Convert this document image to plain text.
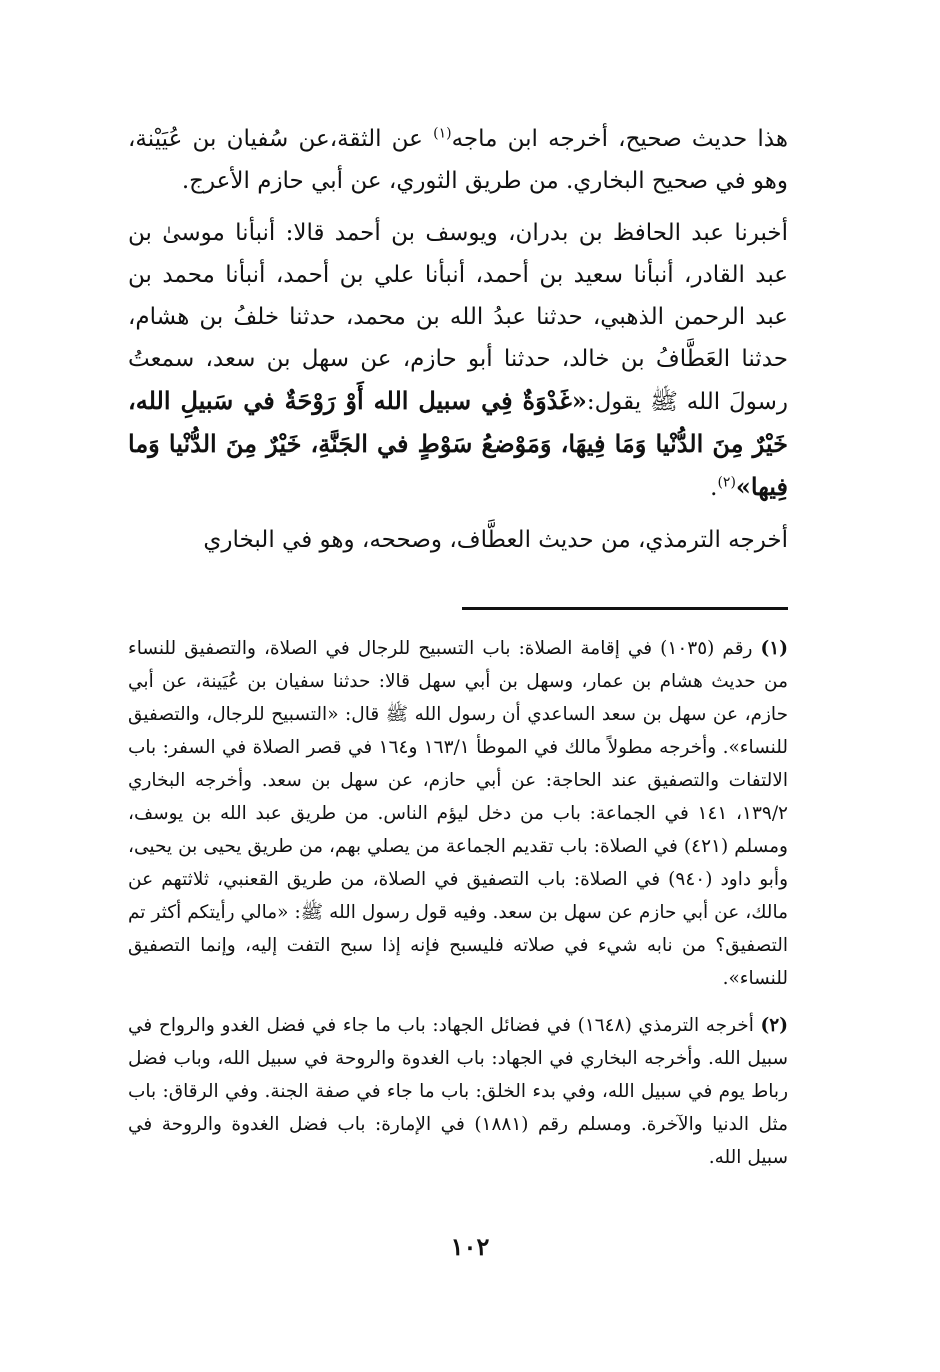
هذا حديث صحيح، أخرجه ابن ماجه$^{(١)}$ عن الثقة،عن سُفيان بن عُيَيْنة، وهو في صحيح البخاري. من طريق الثوري، عن أبي حازم الأعرج.

أخبرنا عبد الحافظ بن بدران، ويوسف بن أحمد قالا: أنبأنا موسىٰ بن عبد القادر، أنبأنا سعيد بن أحمد، أنبأنا علي بن أحمد، أنبأنا محمد بن عبد الرحمن الذهبي، حدثنا عبدُ الله بن محمد، حدثنا خلفُ بن هشام، حدثنا العَطَّافُ بن خالد، حدثنا أبو حازم، عن سهل بن سعد، سمعتُ رسولَ الله ﷺ يقول:«غَدْوَةٌ فِي سبيل الله أَوْ رَوْحَةٌ في سَبيلِ الله، خَيْرٌ مِنَ الدُّنْيا وَمَا فِيهَا، وَمَوْضعُ سَوْطٍ في الجَنَّةِ، خَيْرٌ مِنَ الدُّنْيا وَما فِيها»$^{(٢)}$.

أخرجه الترمذي، من حديث العطَّاف، وصححه، وهو في البخاري

(١) رقم (١٠٣٥) في إقامة الصلاة: باب التسبيح للرجال في الصلاة، والتصفيق للنساء من حديث هشام بن عمار، وسهل بن أبي سهل قالا: حدثنا سفيان بن عُيَينة، عن أبي حازم، عن سهل بن سعد الساعدي أن رسول الله ﷺ قال: «التسبيح للرجال، والتصفيق للنساء». وأخرجه مطولاً مالك في الموطأ ١٦٣/١ و١٦٤ في قصر الصلاة في السفر: باب الالتفات والتصفيق عند الحاجة: عن أبي حازم، عن سهل بن سعد. وأخرجه البخاري ١٣٩/٢، ١٤١ في الجماعة: باب من دخل ليؤم الناس. من طريق عبد الله بن يوسف، ومسلم (٤٢١) في الصلاة: باب تقديم الجماعة من يصلي بهم، من طريق يحيى بن يحيى، وأبو داود (٩٤٠) في الصلاة: باب التصفيق في الصلاة، من طريق القعنبي، ثلاثتهم عن مالك، عن أبي حازم عن سهل بن سعد. وفيه قول رسول الله ﷺ: «مالي رأيتكم أكثر تم التصفيق؟ من نابه شيء في صلاته فليسبح فإنه إذا سبح التفت إليه، وإنما التصفيق للنساء».

(٢) أخرجه الترمذي (١٦٤٨) في فضائل الجهاد: باب ما جاء في فضل الغدو والرواح في سبيل الله. وأخرجه البخاري في الجهاد: باب الغدوة والروحة في سبيل الله، وباب فضل رباط يوم في سبيل الله، وفي بدء الخلق: باب ما جاء في صفة الجنة. وفي الرقاق: باب مثل الدنيا والآخرة. ومسلم رقم (١٨٨١) في الإمارة: باب فضل الغدوة والروحة في سبيل الله.

١٠٢
